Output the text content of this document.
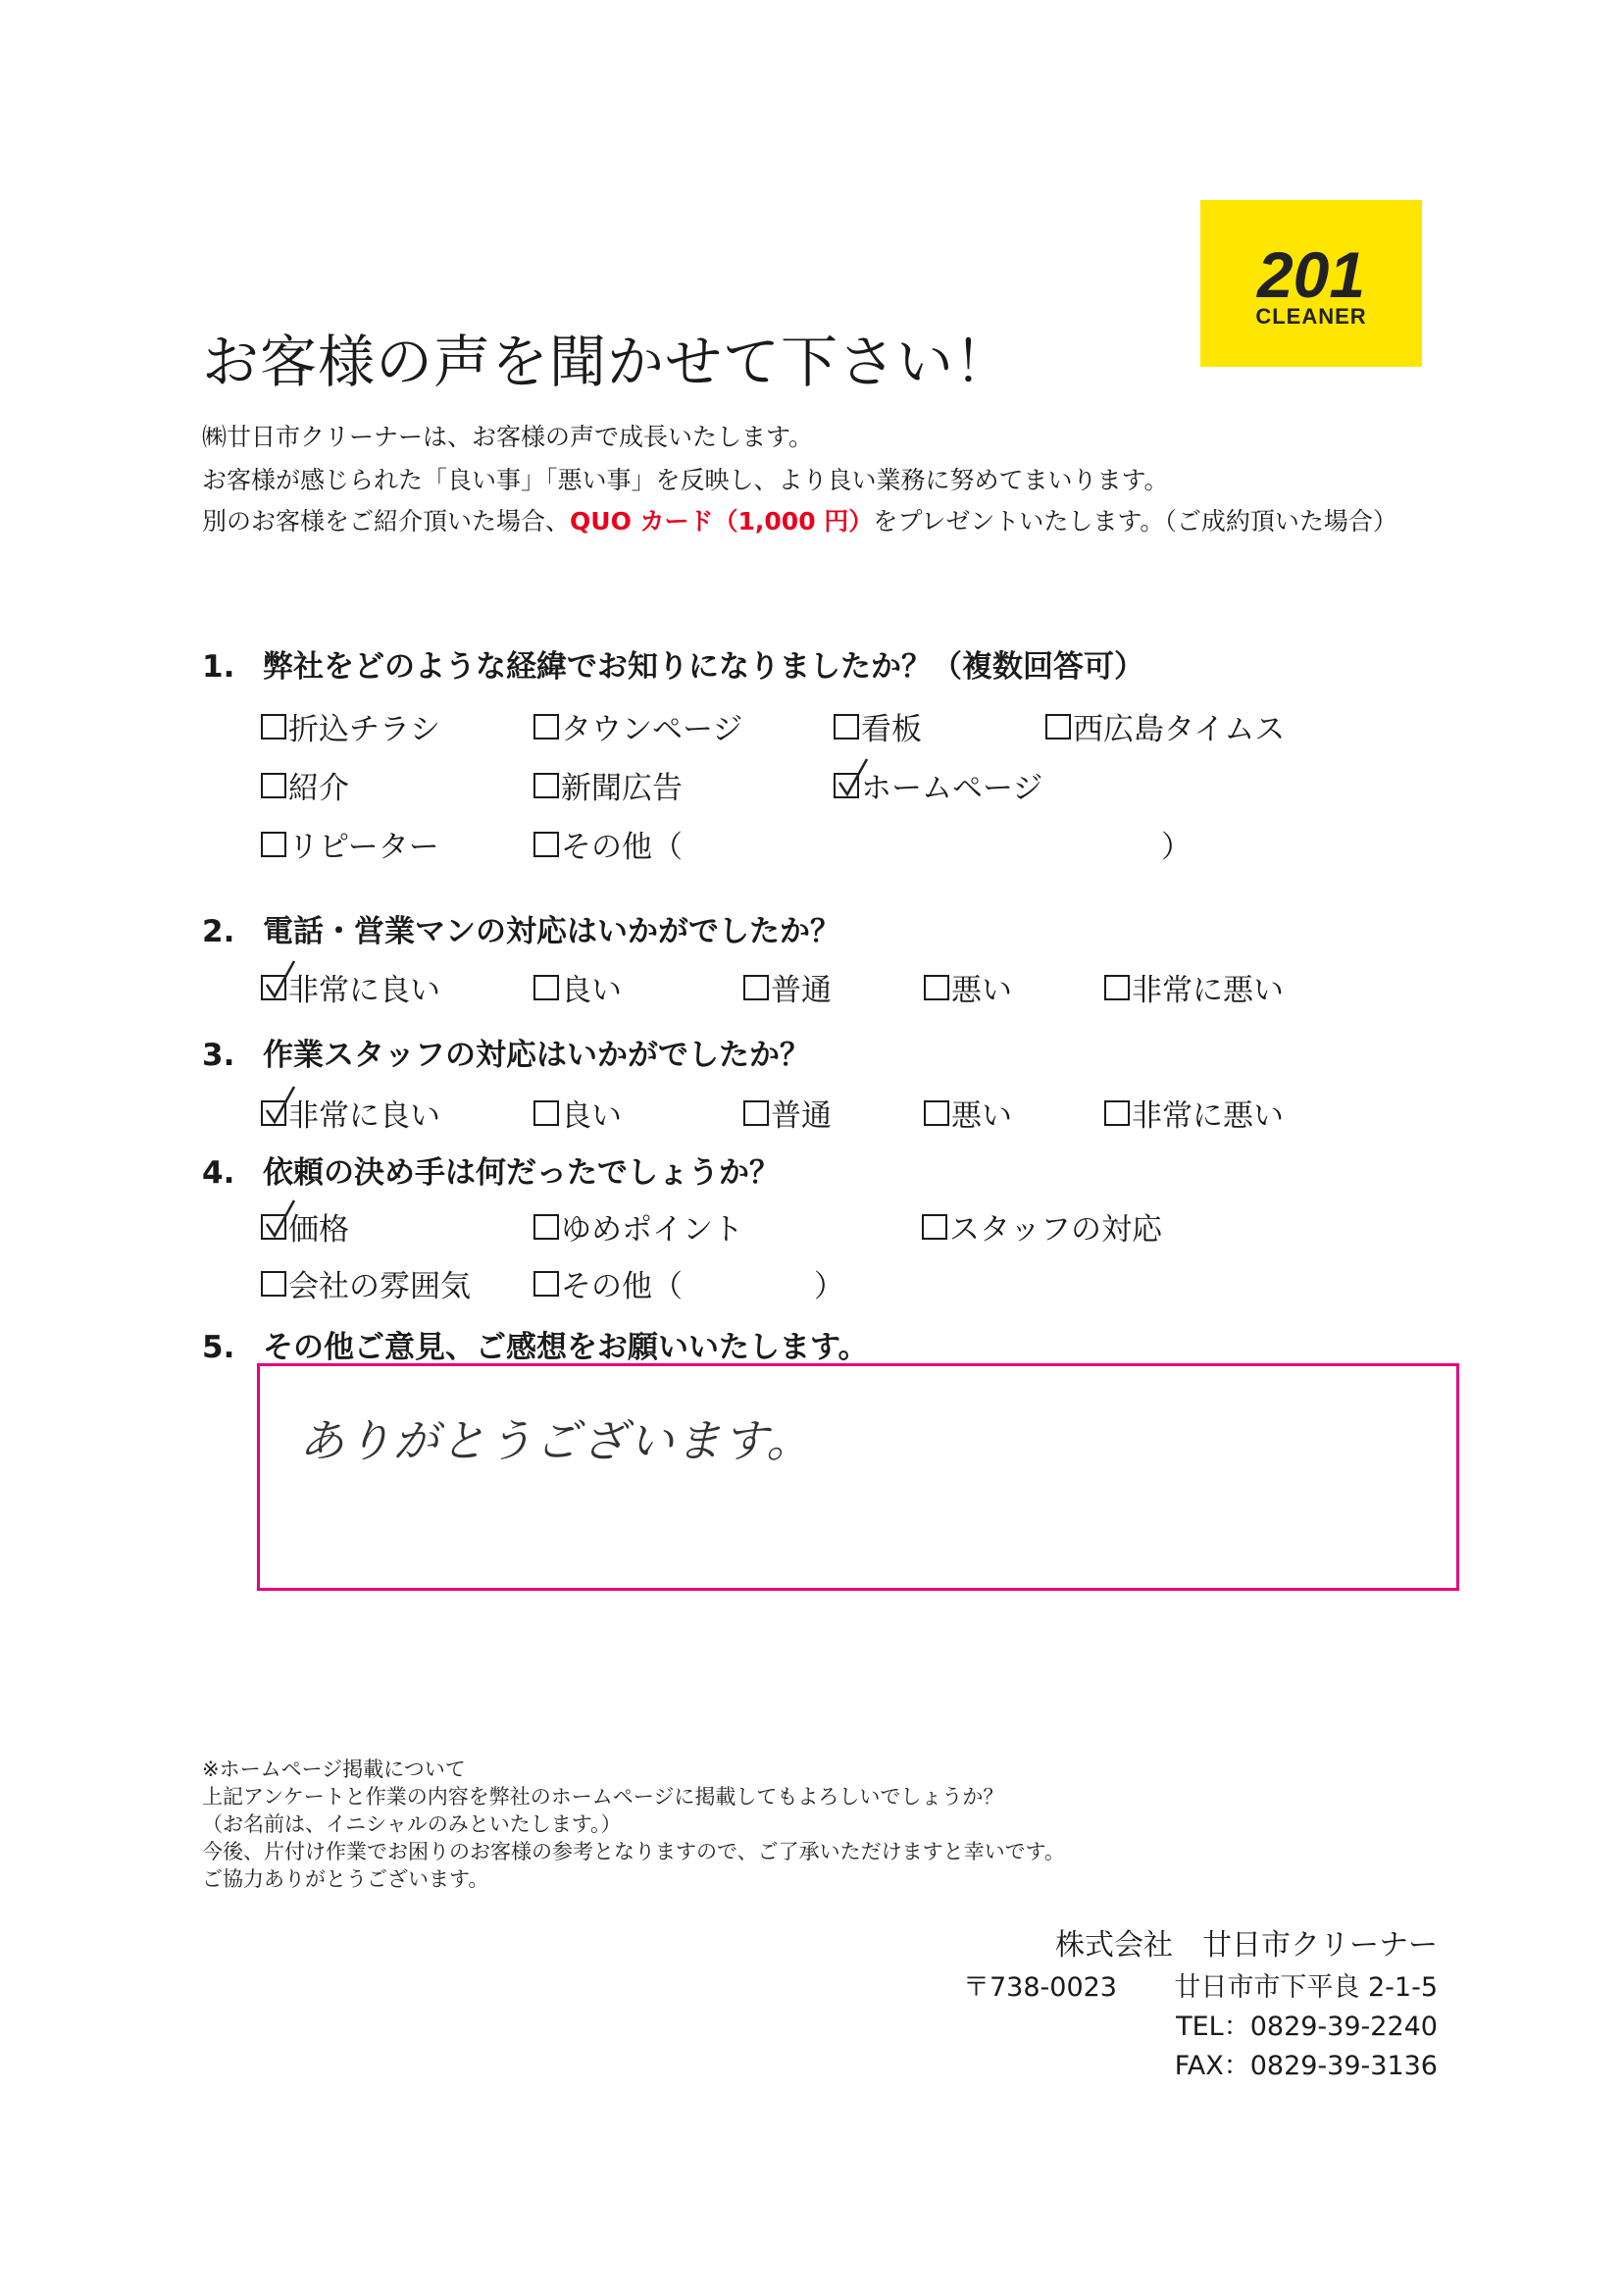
201
CLEANER
お客様の声を聞かせて下さい！
㈱廿日市クリーナーは、お客様の声で成長いたします。
お客様が感じられた「良い事」「悪い事」を反映し、より良い業務に努めてまいります。
別のお客様をご紹介頂いた場合、QUO カード（1,000 円）をプレゼントいたします。（ご成約頂いた場合）
1. 弊社をどのような経緯でお知りになりましたか？（複数回答可）
折込チラシ	タウンページ	看板	西広島タイムス
紹介	新聞広告	ホームページ
リピーター	その他（	）
2. 電話・営業マンの対応はいかがでしたか？
非常に良い	良い	普通	悪い	非常に悪い
3. 作業スタッフの対応はいかがでしたか？
非常に良い	良い	普通	悪い	非常に悪い
4. 依頼の決め手は何だったでしょうか？
価格	ゆめポイント	スタッフの対応
会社の雰囲気	その他（	）
5. その他ご意見、ご感想をお願いいたします。
ありがとうございます。
※ホームページ掲載について
上記アンケートと作業の内容を弊社のホームページに掲載してもよろしいでしょうか？
（お名前は、イニシャルのみといたします。）
今後、片付け作業でお困りのお客様の参考となりますので、ご了承いただけますと幸いです。
ご協力ありがとうございます。
株式会社　廿日市クリーナー
〒738-0023 廿日市市下平良 2-1-5
TEL：0829-39-2240
FAX：0829-39-3136
